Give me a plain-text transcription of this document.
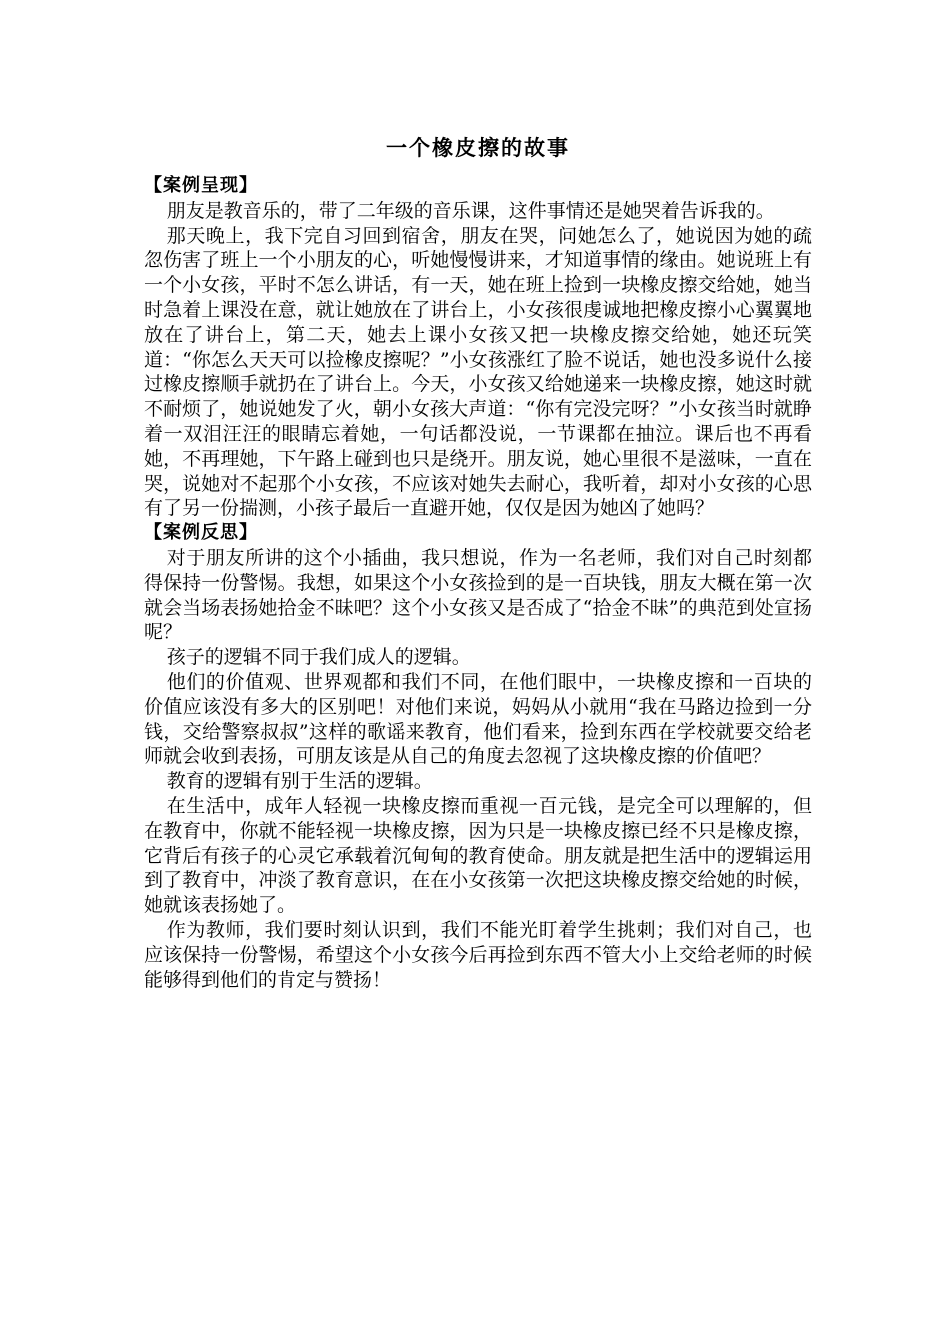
一个橡皮擦的故事

【案例呈现】

朋友是教音乐的，带了二年级的音乐课，这件事情还是她哭着告诉我的。

那天晚上，我下完自习回到宿舍，朋友在哭，问她怎么了，她说因为她的疏忽伤害了班上一个小朋友的心，听她慢慢讲来，才知道事情的缘由。她说班上有一个小女孩，平时不怎么讲话，有一天，她在班上捡到一块橡皮擦交给她，她当时急着上课没在意，就让她放在了讲台上，小女孩很虔诚地把橡皮擦小心翼翼地放在了讲台上，第二天，她去上课小女孩又把一块橡皮擦交给她，她还玩笑道：“你怎么天天可以捡橡皮擦呢？”小女孩涨红了脸不说话，她也没多说什么接过橡皮擦顺手就扔在了讲台上。今天，小女孩又给她递来一块橡皮擦，她这时就不耐烦了，她说她发了火，朝小女孩大声道：“你有完没完呀？”小女孩当时就睁着一双泪汪汪的眼睛忘着她，一句话都没说，一节课都在抽泣。课后也不再看她，不再理她，下午路上碰到也只是绕开。朋友说，她心里很不是滋味，一直在哭，说她对不起那个小女孩，不应该对她失去耐心，我听着，却对小女孩的心思有了另一份揣测，小孩子最后一直避开她，仅仅是因为她凶了她吗？

【案例反思】

对于朋友所讲的这个小插曲，我只想说，作为一名老师，我们对自己时刻都得保持一份警惕。我想，如果这个小女孩捡到的是一百块钱，朋友大概在第一次就会当场表扬她拾金不昧吧？这个小女孩又是否成了“拾金不昧”的典范到处宣扬呢？

孩子的逻辑不同于我们成人的逻辑。

他们的价值观、世界观都和我们不同，在他们眼中，一块橡皮擦和一百块的价值应该没有多大的区别吧！对他们来说，妈妈从小就用“我在马路边捡到一分钱，交给警察叔叔”这样的歌谣来教育，他们看来，捡到东西在学校就要交给老师就会收到表扬，可朋友该是从自己的角度去忽视了这块橡皮擦的价值吧？

教育的逻辑有别于生活的逻辑。

在生活中，成年人轻视一块橡皮擦而重视一百元钱，是完全可以理解的，但在教育中，你就不能轻视一块橡皮擦，因为只是一块橡皮擦已经不只是橡皮擦，它背后有孩子的心灵它承载着沉甸甸的教育使命。朋友就是把生活中的逻辑运用到了教育中，冲淡了教育意识，在在小女孩第一次把这块橡皮擦交给她的时候，她就该表扬她了。

作为教师，我们要时刻认识到，我们不能光盯着学生挑刺；我们对自己，也应该保持一份警惕，希望这个小女孩今后再捡到东西不管大小上交给老师的时候能够得到他们的肯定与赞扬！
